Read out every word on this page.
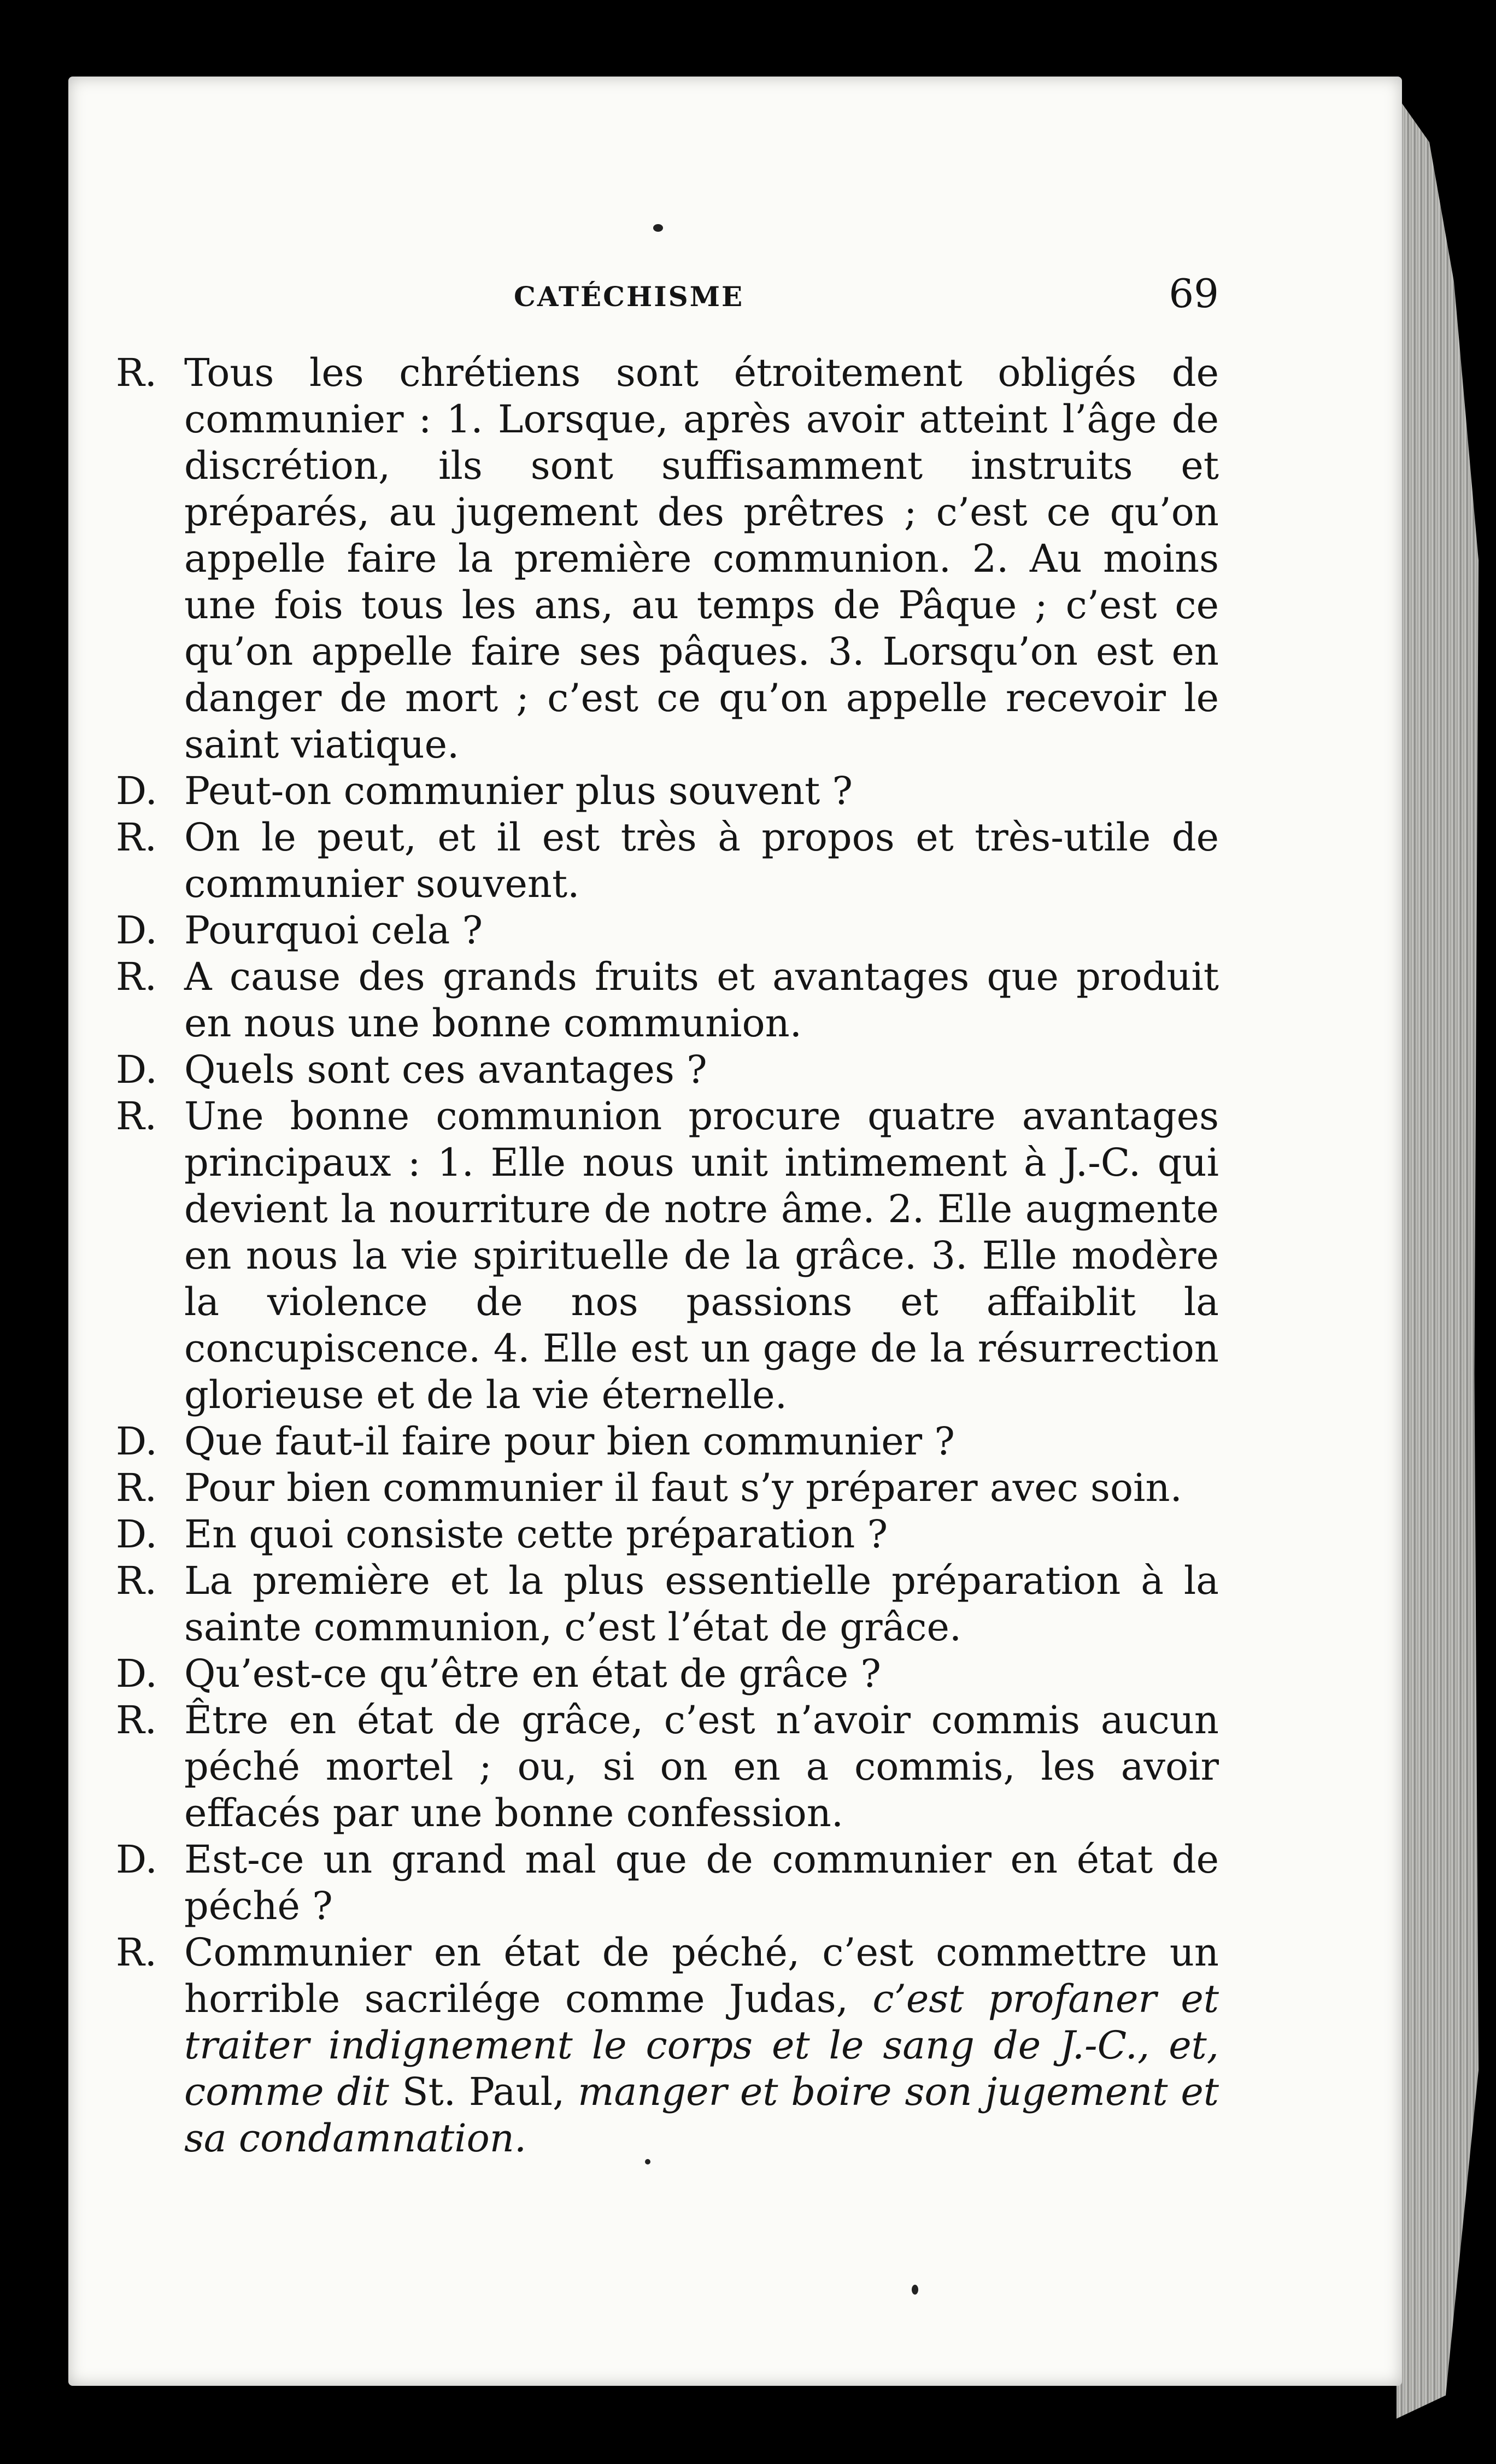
CATÉCHISME	69

R. Tous les chrétiens sont étroitement obligés de communier : 1. Lorsque, après avoir atteint l’âge de discrétion, ils sont suffisamment instruits et préparés, au jugement des prêtres ; c’est ce qu’on appelle faire la première communion. 2. Au moins une fois tous les ans, au temps de Pâque ; c’est ce qu’on appelle faire ses pâques. 3. Lorsqu’on est en danger de mort ; c’est ce qu’on appelle recevoir le saint viatique.

D. Peut-on communier plus souvent ?

R. On le peut, et il est très à propos et très-utile de communier souvent.

D. Pourquoi cela ?

R. A cause des grands fruits et avantages que produit en nous une bonne communion.

D. Quels sont ces avantages ?

R. Une bonne communion procure quatre avantages principaux : 1. Elle nous unit intimement à J.-C. qui devient la nourriture de notre âme. 2. Elle augmente en nous la vie spirituelle de la grâce. 3. Elle modère la violence de nos passions et affaiblit la concupiscence. 4. Elle est un gage de la résurrection glorieuse et de la vie éternelle.

D. Que faut-il faire pour bien communier ?

R. Pour bien communier il faut s’y préparer avec soin.

D. En quoi consiste cette préparation ?

R. La première et la plus essentielle préparation à la sainte communion, c’est l’état de grâce.

D. Qu’est-ce qu’être en état de grâce ?

R. Être en état de grâce, c’est n’avoir commis aucun péché mortel ; ou, si on en a commis, les avoir effacés par une bonne confession.

D. Est-ce un grand mal que de communier en état de péché ?

R. Communier en état de péché, c’est commettre un horrible sacrilége comme Judas, c’est profaner et traiter indignement le corps et le sang de J.-C., et, comme dit St. Paul, manger et boire son jugement et sa condamnation.
